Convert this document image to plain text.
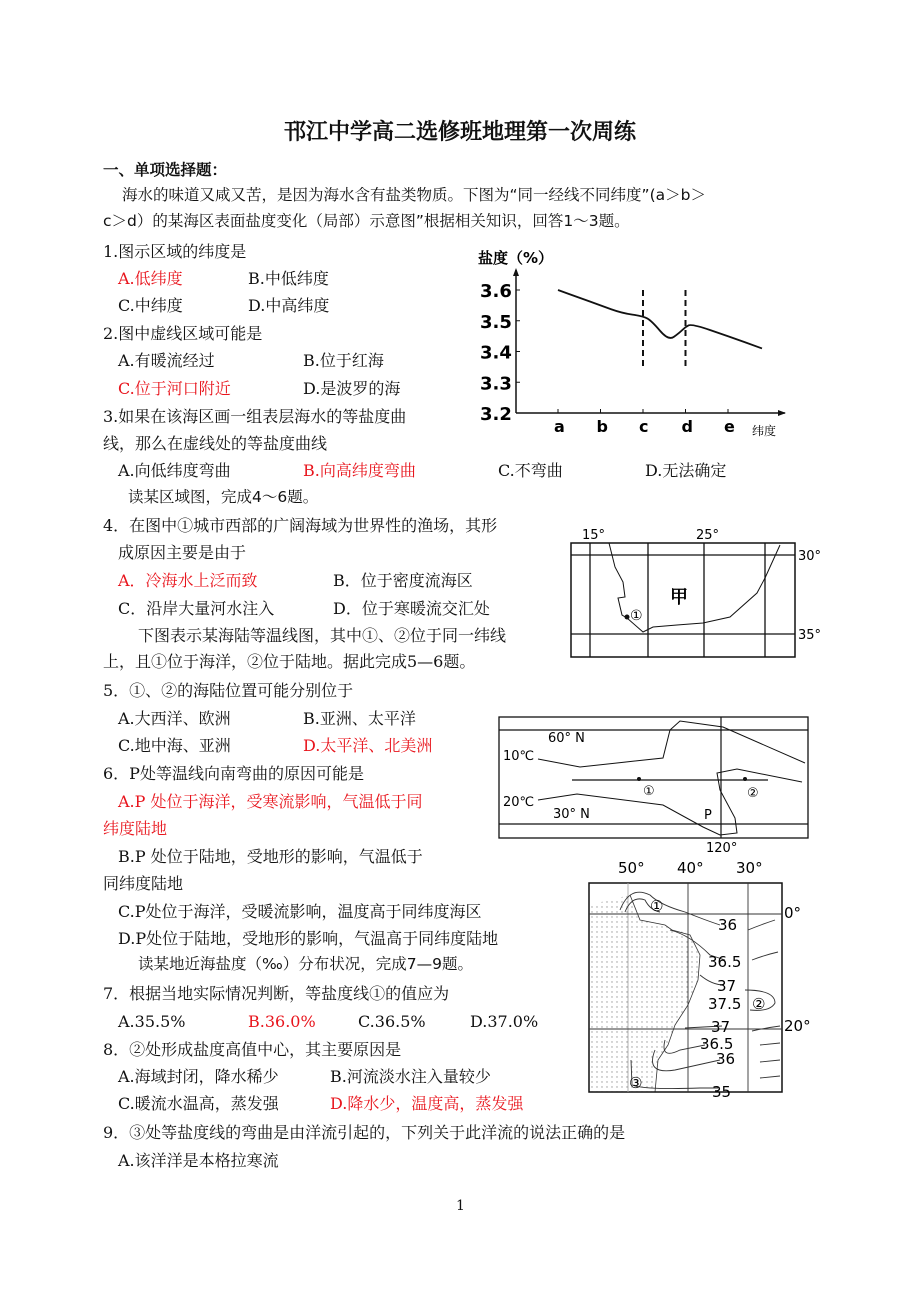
邗江中学高二选修班地理第一次周练
一、单项选择题：
海水的味道又咸又苦，是因为海水含有盐类物质。下图为“同一经线不同纬度”(a＞b＞
c＞d）的某海区表面盐度变化（局部）示意图”根据相关知识，回答1～3题。
1.图示区域的纬度是
A.低纬度	B.中低纬度
C.中纬度	D.中高纬度
2.图中虚线区域可能是
A.有暖流经过	B.位于红海
C.位于河口附近	D.是波罗的海
3.如果在该海区画一组表层海水的等盐度曲
线，那么在虚线处的等盐度曲线
A.向低纬度弯曲	B.向高纬度弯曲	C.不弯曲	D.无法确定
读某区域图，完成4～6题。
4．在图中①城市西部的广阔海域为世界性的渔场，其形
成原因主要是由于
A．冷海水上泛而致	B．位于密度流海区
C．沿岸大量河水注入	D．位于寒暖流交汇处
下图表示某海陆等温线图，其中①、②位于同一纬线
上，且①位于海洋，②位于陆地。据此完成5—6题。
5．①、②的海陆位置可能分别位于
A.大西洋、欧洲	B.亚洲、太平洋
C.地中海、亚洲	D.太平洋、北美洲
6．P处等温线向南弯曲的原因可能是
A.P 处位于海洋，受寒流影响，气温低于同
纬度陆地
B.P 处位于陆地，受地形的影响，气温低于
同纬度陆地
C.P处位于海洋，受暖流影响，温度高于同纬度海区
D.P处位于陆地，受地形的影响，气温高于同纬度陆地
读某地近海盐度（‰）分布状况，完成7—9题。
7．根据当地实际情况判断，等盐度线①的值应为
A.35.5%	B.36.0%	C.36.5%	D.37.0%
8．②处形成盐度高值中心，其主要原因是
A.海域封闭，降水稀少	B.河流淡水注入量较少
C.暖流水温高，蒸发强	D.降水少，温度高，蒸发强
9．③处等盐度线的弯曲是由洋流引起的，下列关于此洋流的说法正确的是
A.该洋洋是本格拉寒流
1
盐度（%）
纬度
3.2
3.3
3.4
3.5
3.6
a b c d e
①
甲
15°	25°
30°
35°
60° N
10℃
20℃
30° N	P
120°
①	②
50° 40° 30°
0°
20°
36
36.5
37
37.5
37
36.5
36
35
①
②
③
